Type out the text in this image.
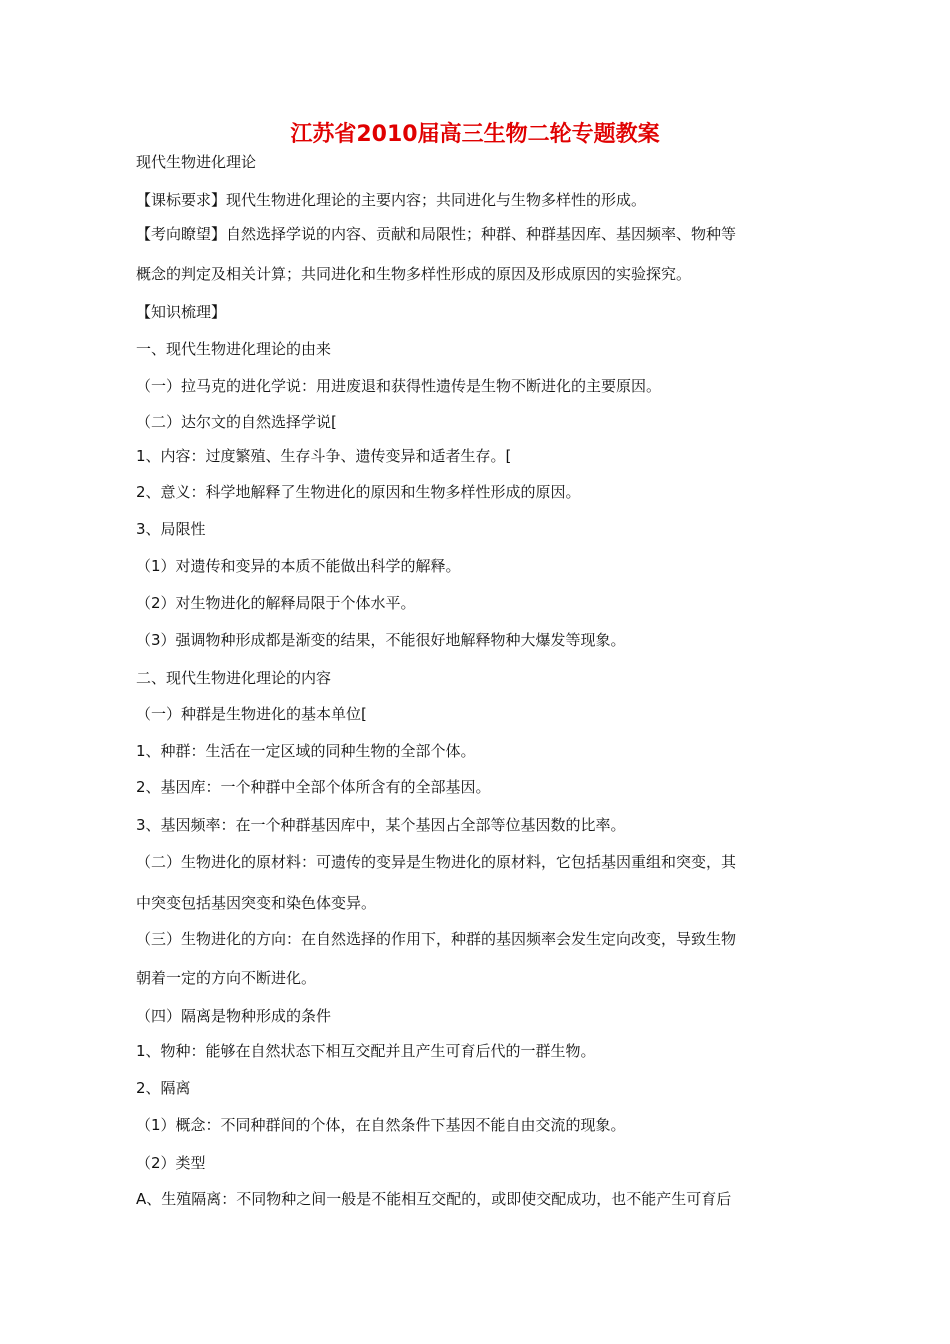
江苏省2010届高三生物二轮专题教案
现代生物进化理论
【课标要求】现代生物进化理论的主要内容；共同进化与生物多样性的形成。
【考向瞭望】自然选择学说的内容、贡献和局限性；种群、种群基因库、基因频率、物种等
概念的判定及相关计算；共同进化和生物多样性形成的原因及形成原因的实验探究。
【知识梳理】
一、现代生物进化理论的由来
（一）拉马克的进化学说：用进废退和获得性遗传是生物不断进化的主要原因。
（二）达尔文的自然选择学说[
1、内容：过度繁殖、生存斗争、遗传变异和适者生存。[
2、意义：科学地解释了生物进化的原因和生物多样性形成的原因。
3、局限性
（1）对遗传和变异的本质不能做出科学的解释。
（2）对生物进化的解释局限于个体水平。
（3）强调物种形成都是渐变的结果，不能很好地解释物种大爆发等现象。
二、现代生物进化理论的内容
（一）种群是生物进化的基本单位[
1、种群：生活在一定区域的同种生物的全部个体。
2、基因库：一个种群中全部个体所含有的全部基因。
3、基因频率：在一个种群基因库中，某个基因占全部等位基因数的比率。
（二）生物进化的原材料：可遗传的变异是生物进化的原材料，它包括基因重组和突变，其
中突变包括基因突变和染色体变异。
（三）生物进化的方向：在自然选择的作用下，种群的基因频率会发生定向改变，导致生物
朝着一定的方向不断进化。
（四）隔离是物种形成的条件
1、物种：能够在自然状态下相互交配并且产生可育后代的一群生物。
2、隔离
（1）概念：不同种群间的个体，在自然条件下基因不能自由交流的现象。
（2）类型
A、生殖隔离：不同物种之间一般是不能相互交配的，或即使交配成功，也不能产生可育后
